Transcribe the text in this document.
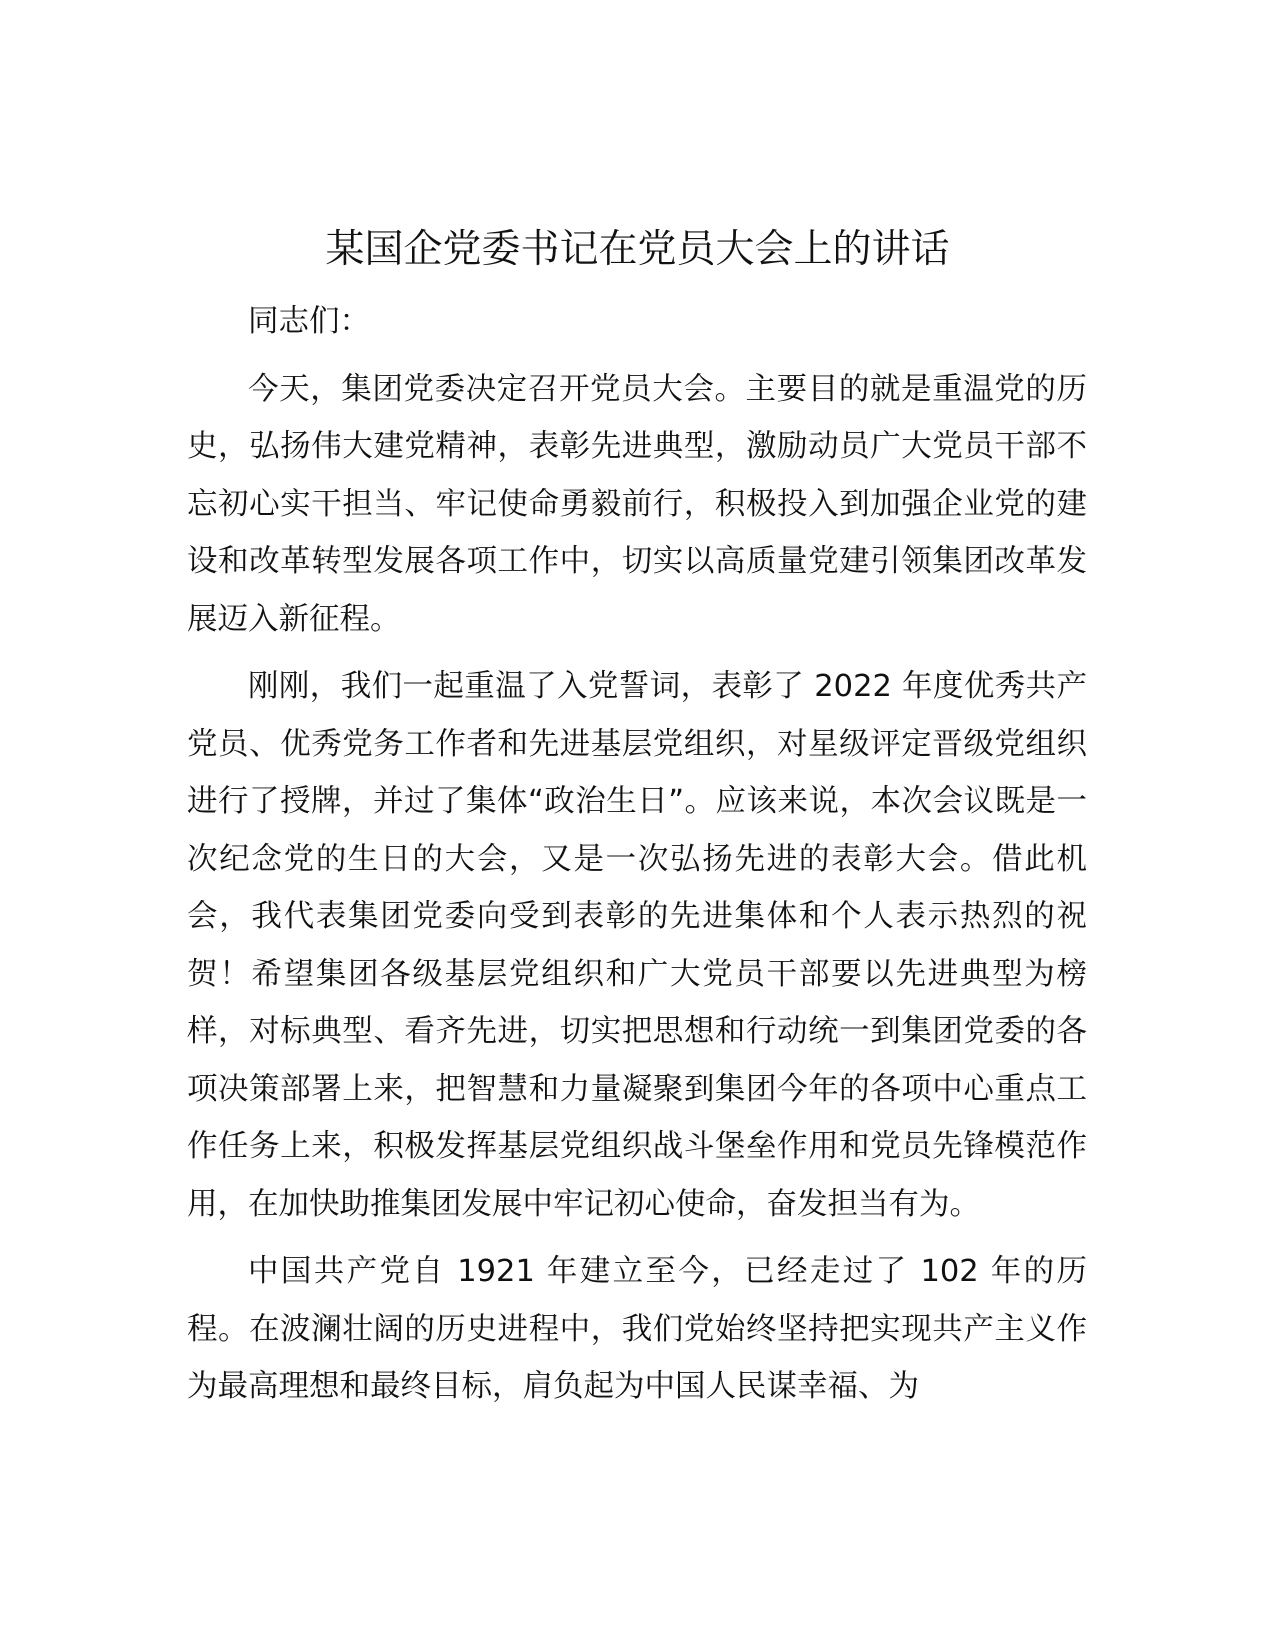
某国企党委书记在党员大会上的讲话

同志们：

今天，集团党委决定召开党员大会。主要目的就是重温党的历史，弘扬伟大建党精神，表彰先进典型，激励动员广大党员干部不忘初心实干担当、牢记使命勇毅前行，积极投入到加强企业党的建设和改革转型发展各项工作中，切实以高质量党建引领集团改革发展迈入新征程。

刚刚，我们一起重温了入党誓词，表彰了 2022 年度优秀共产党员、优秀党务工作者和先进基层党组织，对星级评定晋级党组织进行了授牌，并过了集体“政治生日”。应该来说，本次会议既是一次纪念党的生日的大会，又是一次弘扬先进的表彰大会。借此机会，我代表集团党委向受到表彰的先进集体和个人表示热烈的祝贺！希望集团各级基层党组织和广大党员干部要以先进典型为榜样，对标典型、看齐先进，切实把思想和行动统一到集团党委的各项决策部署上来，把智慧和力量凝聚到集团今年的各项中心重点工作任务上来，积极发挥基层党组织战斗堡垒作用和党员先锋模范作用，在加快助推集团发展中牢记初心使命，奋发担当有为。

中国共产党自 1921 年建立至今，已经走过了 102 年的历程。在波澜壮阔的历史进程中，我们党始终坚持把实现共产主义作为最高理想和最终目标，肩负起为中国人民谋幸福、为
